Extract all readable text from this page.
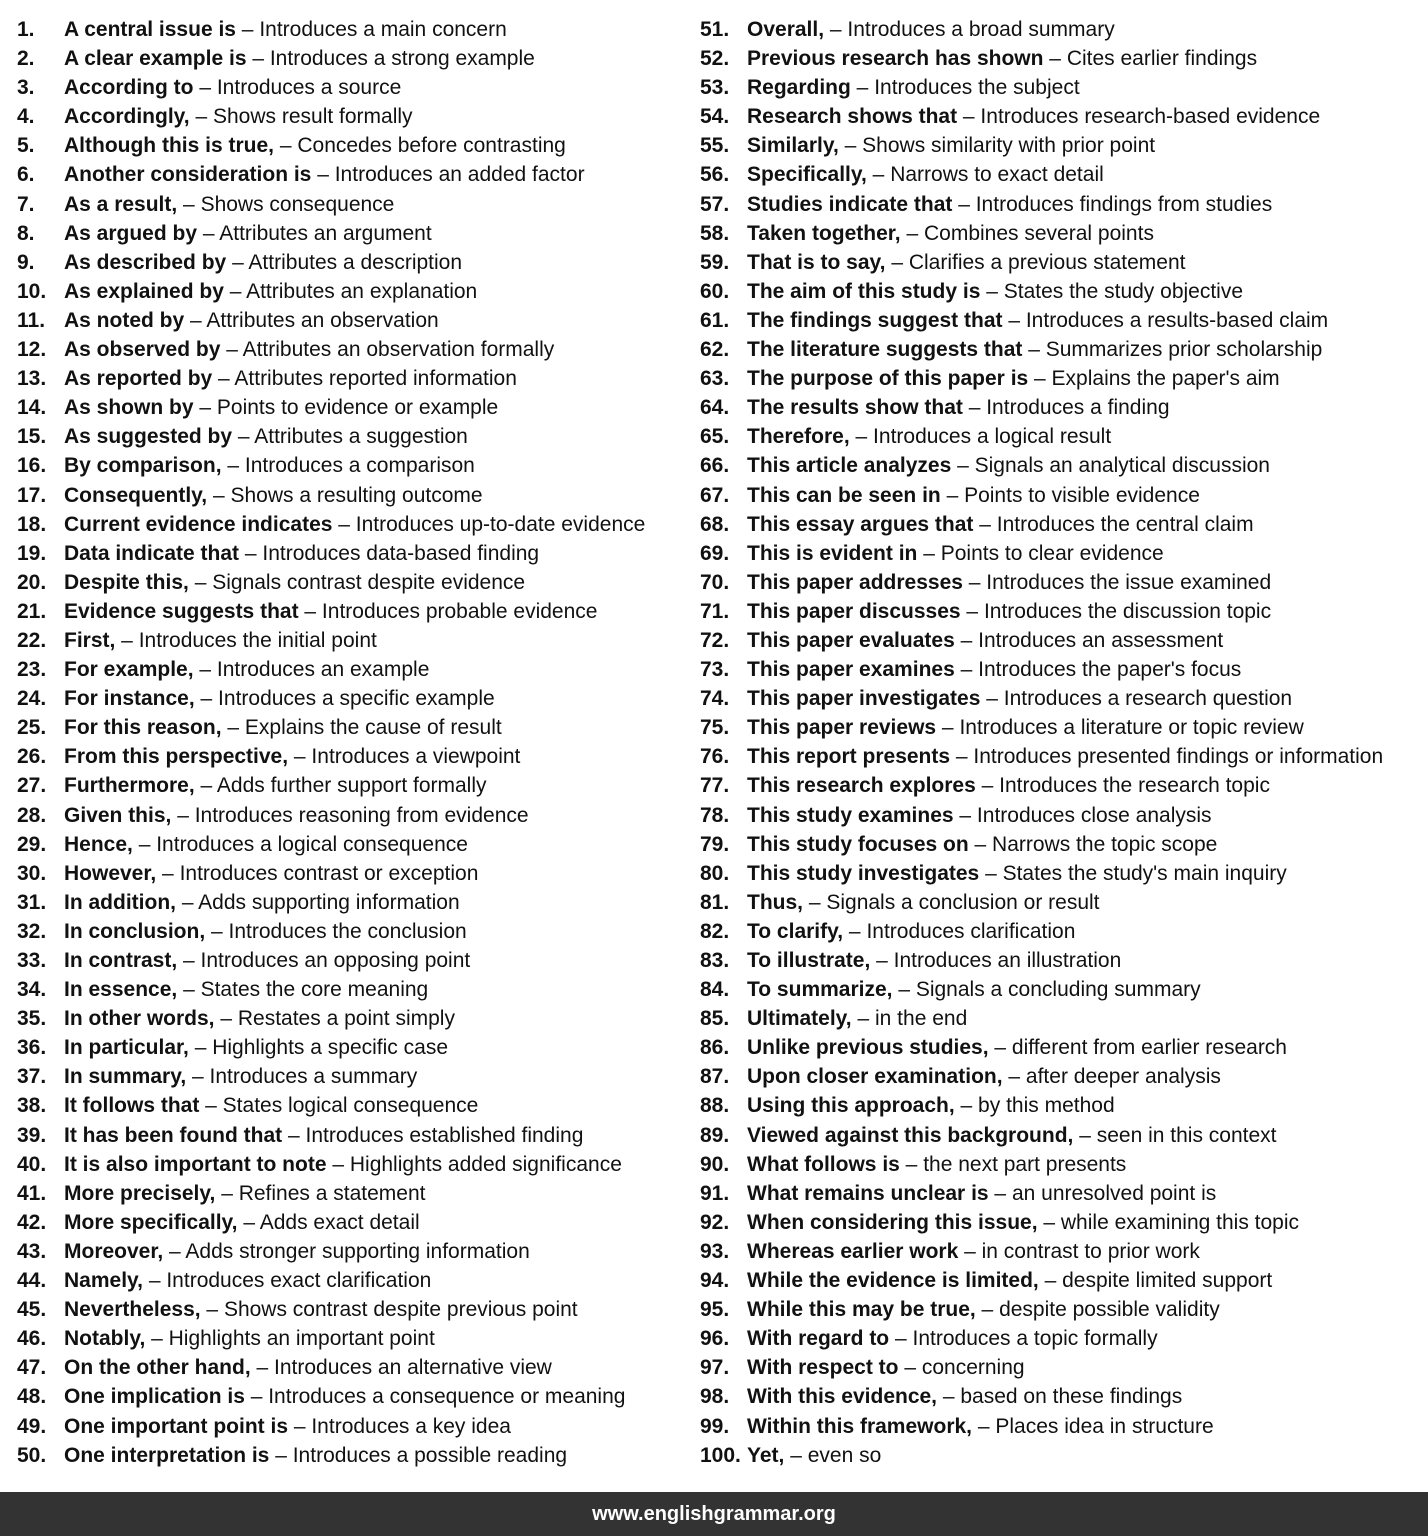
1. A central issue is – Introduces a main concern
2. A clear example is – Introduces a strong example
3. According to – Introduces a source
4. Accordingly, – Shows result formally
5. Although this is true, – Concedes before contrasting
6. Another consideration is – Introduces an added factor
7. As a result, – Shows consequence
8. As argued by – Attributes an argument
9. As described by – Attributes a description
10. As explained by – Attributes an explanation
11. As noted by – Attributes an observation
12. As observed by – Attributes an observation formally
13. As reported by – Attributes reported information
14. As shown by – Points to evidence or example
15. As suggested by – Attributes a suggestion
16. By comparison, – Introduces a comparison
17. Consequently, – Shows a resulting outcome
18. Current evidence indicates – Introduces up-to-date evidence
19. Data indicate that – Introduces data-based finding
20. Despite this, – Signals contrast despite evidence
21. Evidence suggests that – Introduces probable evidence
22. First, – Introduces the initial point
23. For example, – Introduces an example
24. For instance, – Introduces a specific example
25. For this reason, – Explains the cause of result
26. From this perspective, – Introduces a viewpoint
27. Furthermore, – Adds further support formally
28. Given this, – Introduces reasoning from evidence
29. Hence, – Introduces a logical consequence
30. However, – Introduces contrast or exception
31. In addition, – Adds supporting information
32. In conclusion, – Introduces the conclusion
33. In contrast, – Introduces an opposing point
34. In essence, – States the core meaning
35. In other words, – Restates a point simply
36. In particular, – Highlights a specific case
37. In summary, – Introduces a summary
38. It follows that – States logical consequence
39. It has been found that – Introduces established finding
40. It is also important to note – Highlights added significance
41. More precisely, – Refines a statement
42. More specifically, – Adds exact detail
43. Moreover, – Adds stronger supporting information
44. Namely, – Introduces exact clarification
45. Nevertheless, – Shows contrast despite previous point
46. Notably, – Highlights an important point
47. On the other hand, – Introduces an alternative view
48. One implication is – Introduces a consequence or meaning
49. One important point is – Introduces a key idea
50. One interpretation is – Introduces a possible reading
51. Overall, – Introduces a broad summary
52. Previous research has shown – Cites earlier findings
53. Regarding – Introduces the subject
54. Research shows that – Introduces research-based evidence
55. Similarly, – Shows similarity with prior point
56. Specifically, – Narrows to exact detail
57. Studies indicate that – Introduces findings from studies
58. Taken together, – Combines several points
59. That is to say, – Clarifies a previous statement
60. The aim of this study is – States the study objective
61. The findings suggest that – Introduces a results-based claim
62. The literature suggests that – Summarizes prior scholarship
63. The purpose of this paper is – Explains the paper's aim
64. The results show that – Introduces a finding
65. Therefore, – Introduces a logical result
66. This article analyzes – Signals an analytical discussion
67. This can be seen in – Points to visible evidence
68. This essay argues that – Introduces the central claim
69. This is evident in – Points to clear evidence
70. This paper addresses – Introduces the issue examined
71. This paper discusses – Introduces the discussion topic
72. This paper evaluates – Introduces an assessment
73. This paper examines – Introduces the paper's focus
74. This paper investigates – Introduces a research question
75. This paper reviews – Introduces a literature or topic review
76. This report presents – Introduces presented findings or information
77. This research explores – Introduces the research topic
78. This study examines – Introduces close analysis
79. This study focuses on – Narrows the topic scope
80. This study investigates – States the study's main inquiry
81. Thus, – Signals a conclusion or result
82. To clarify, – Introduces clarification
83. To illustrate, – Introduces an illustration
84. To summarize, – Signals a concluding summary
85. Ultimately, – in the end
86. Unlike previous studies, – different from earlier research
87. Upon closer examination, – after deeper analysis
88. Using this approach, – by this method
89. Viewed against this background, – seen in this context
90. What follows is – the next part presents
91. What remains unclear is – an unresolved point is
92. When considering this issue, – while examining this topic
93. Whereas earlier work – in contrast to prior work
94. While the evidence is limited, – despite limited support
95. While this may be true, – despite possible validity
96. With regard to – Introduces a topic formally
97. With respect to – concerning
98. With this evidence, – based on these findings
99. Within this framework, – Places idea in structure
100. Yet, – even so
www.englishgrammar.org
